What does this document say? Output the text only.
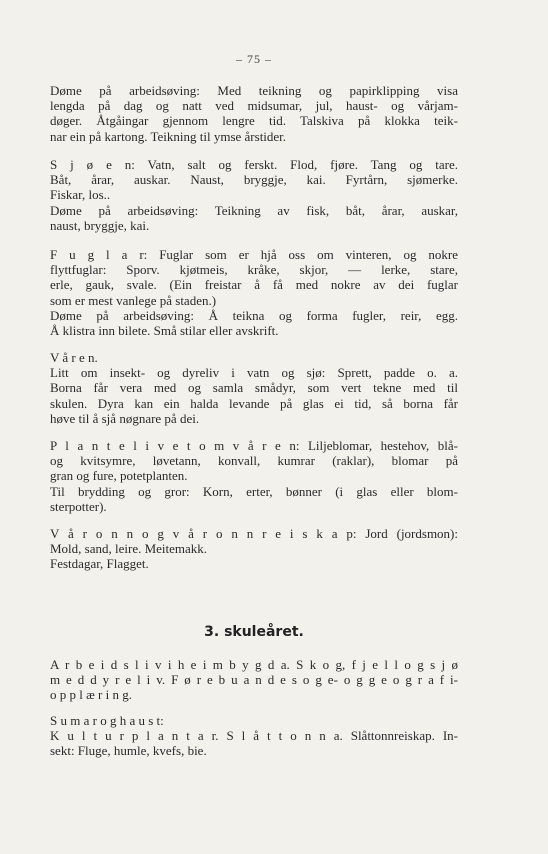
– 75 –
Døme på arbeidsøving: Med teikning og papirklipping visa
lengda på dag og natt ved midsumar, jul, haust- og vårjam-
døger. Åtgåingar gjennom lengre tid. Talskiva på klokka teik-
nar ein på kartong. Teikning til ymse årstider.
S j ø e n: Vatn, salt og ferskt. Flod, fjøre. Tang og tare.
Båt, årar, auskar. Naust, bryggje, kai. Fyrtårn, sjømerke.
Fiskar, los..
Døme på arbeidsøving: Teikning av fisk, båt, årar, auskar,
naust, bryggje, kai.
F u g l a r: Fuglar som er hjå oss om vinteren, og nokre
flyttfuglar: Sporv. kjøtmeis, kråke, skjor, — lerke, stare,
erle, gauk, svale. (Ein freistar å få med nokre av dei fuglar
som er mest vanlege på staden.)
Døme på arbeidsøving: Å teikna og forma fugler, reir, egg.
Å klistra inn bilete. Små stilar eller avskrift.
V å r e n.
Litt om insekt- og dyreliv i vatn og sjø: Sprett, padde o. a.
Borna får vera med og samla smådyr, som vert tekne med til
skulen. Dyra kan ein halda levande på glas ei tid, så borna får
høve til å sjå nøgnare på dei.
P l a n t e l i v e t o m v å r e n: Liljeblomar, hestehov, blå-
og kvitsymre, løvetann, konvall, kumrar (raklar), blomar på
gran og fure, potetplanten.
Til brydding og gror: Korn, erter, bønner (i glas eller blom-
sterpotter).
V å r o n n o g v å r o n n r e i s k a p: Jord (jordsmon):
Mold, sand, leire. Meitemakk.
Festdagar, Flagget.
3. skuleåret.
A r b e i d s l i v i h e i m b y g d a. S k o g, f j e l l o g s j ø
m e d d y r e l i v. F ø r e b u a n d e s o g e- o g g e o g r a f i-
o p p l æ r i n g.
S u m a r o g h a u s t:
K u l t u r p l a n t a r. S l å t t o n n a. Slåttonnreiskap. In-
sekt: Fluge, humle, kvefs, bie.
